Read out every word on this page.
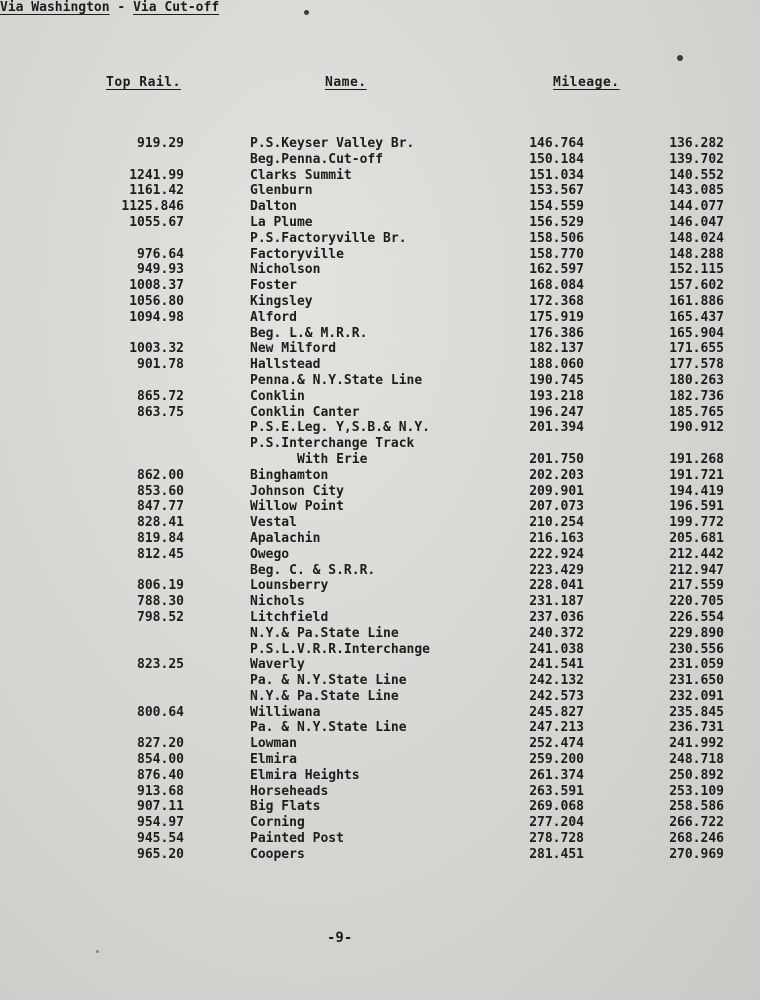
Top Rail.	Name.	Mileage.
Via Washington - Via Cut-off
919.29	P.S.Keyser Valley Br.	146.764	136.282
Beg.Penna.Cut-off	150.184	139.702
1241.99	Clarks Summit	151.034	140.552
1161.42	Glenburn	153.567	143.085
1125.846	Dalton	154.559	144.077
1055.67	La Plume	156.529	146.047
P.S.Factoryville Br.	158.506	148.024
976.64	Factoryville	158.770	148.288
949.93	Nicholson	162.597	152.115
1008.37	Foster	168.084	157.602
1056.80	Kingsley	172.368	161.886
1094.98	Alford	175.919	165.437
Beg. L.& M.R.R.	176.386	165.904
1003.32	New Milford	182.137	171.655
901.78	Hallstead	188.060	177.578
Penna.& N.Y.State Line	190.745	180.263
865.72	Conklin	193.218	182.736
863.75	Conklin Canter	196.247	185.765
P.S.E.Leg. Y,S.B.& N.Y.	201.394	190.912
P.S.Interchange Track
With Erie	201.750	191.268
862.00	Binghamton	202.203	191.721
853.60	Johnson City	209.901	194.419
847.77	Willow Point	207.073	196.591
828.41	Vestal	210.254	199.772
819.84	Apalachin	216.163	205.681
812.45	Owego	222.924	212.442
Beg. C. & S.R.R.	223.429	212.947
806.19	Lounsberry	228.041	217.559
788.30	Nichols	231.187	220.705
798.52	Litchfield	237.036	226.554
N.Y.& Pa.State Line	240.372	229.890
P.S.L.V.R.R.Interchange	241.038	230.556
823.25	Waverly	241.541	231.059
Pa. & N.Y.State Line	242.132	231.650
N.Y.& Pa.State Line	242.573	232.091
800.64	Williwana	245.827	235.845
Pa. & N.Y.State Line	247.213	236.731
827.20	Lowman	252.474	241.992
854.00	Elmira	259.200	248.718
876.40	Elmira Heights	261.374	250.892
913.68	Horseheads	263.591	253.109
907.11	Big Flats	269.068	258.586
954.97	Corning	277.204	266.722
945.54	Painted Post	278.728	268.246
965.20	Coopers	281.451	270.969
-9-
